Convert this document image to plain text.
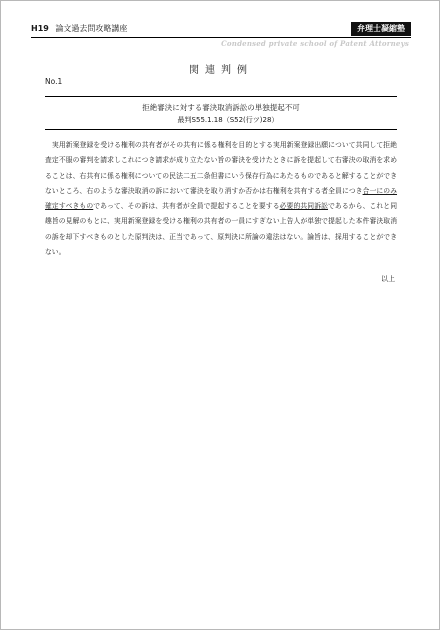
H19 論文過去問攻略講座	弁理士凝縮塾
Condensed private school of Patent Attorneys
関連判例
No.1
拒絶審決に対する審決取消訴訟の単独提起不可
最判S55.1.18（S52(行ツ)28）

実用新案登録を受ける権利の共有者がその共有に係る権利を目的とする実用新案登録出願について共同して拒絶査定不服の審判を請求しこれにつき請求が成り立たない旨の審決を受けたときに訴を提起して右審決の取消を求めることは、右共有に係る権利についての民法二五二条但書にいう保存行為にあたるものであると解することができないところ、右のような審決取消の訴において審決を取り消すか否かは右権利を共有する者全員につき合一にのみ確定すべきものであって、その訴は、共有者が全員で提起することを要する必要的共同訴訟であるから、これと同趣旨の見解のもとに、実用新案登録を受ける権利の共有者の一員にすぎない上告人が単独で提起した本件審決取消の訴を却下すべきものとした原判決は、正当であって、原判決に所論の違法はない。論旨は、採用することができない。

以上
